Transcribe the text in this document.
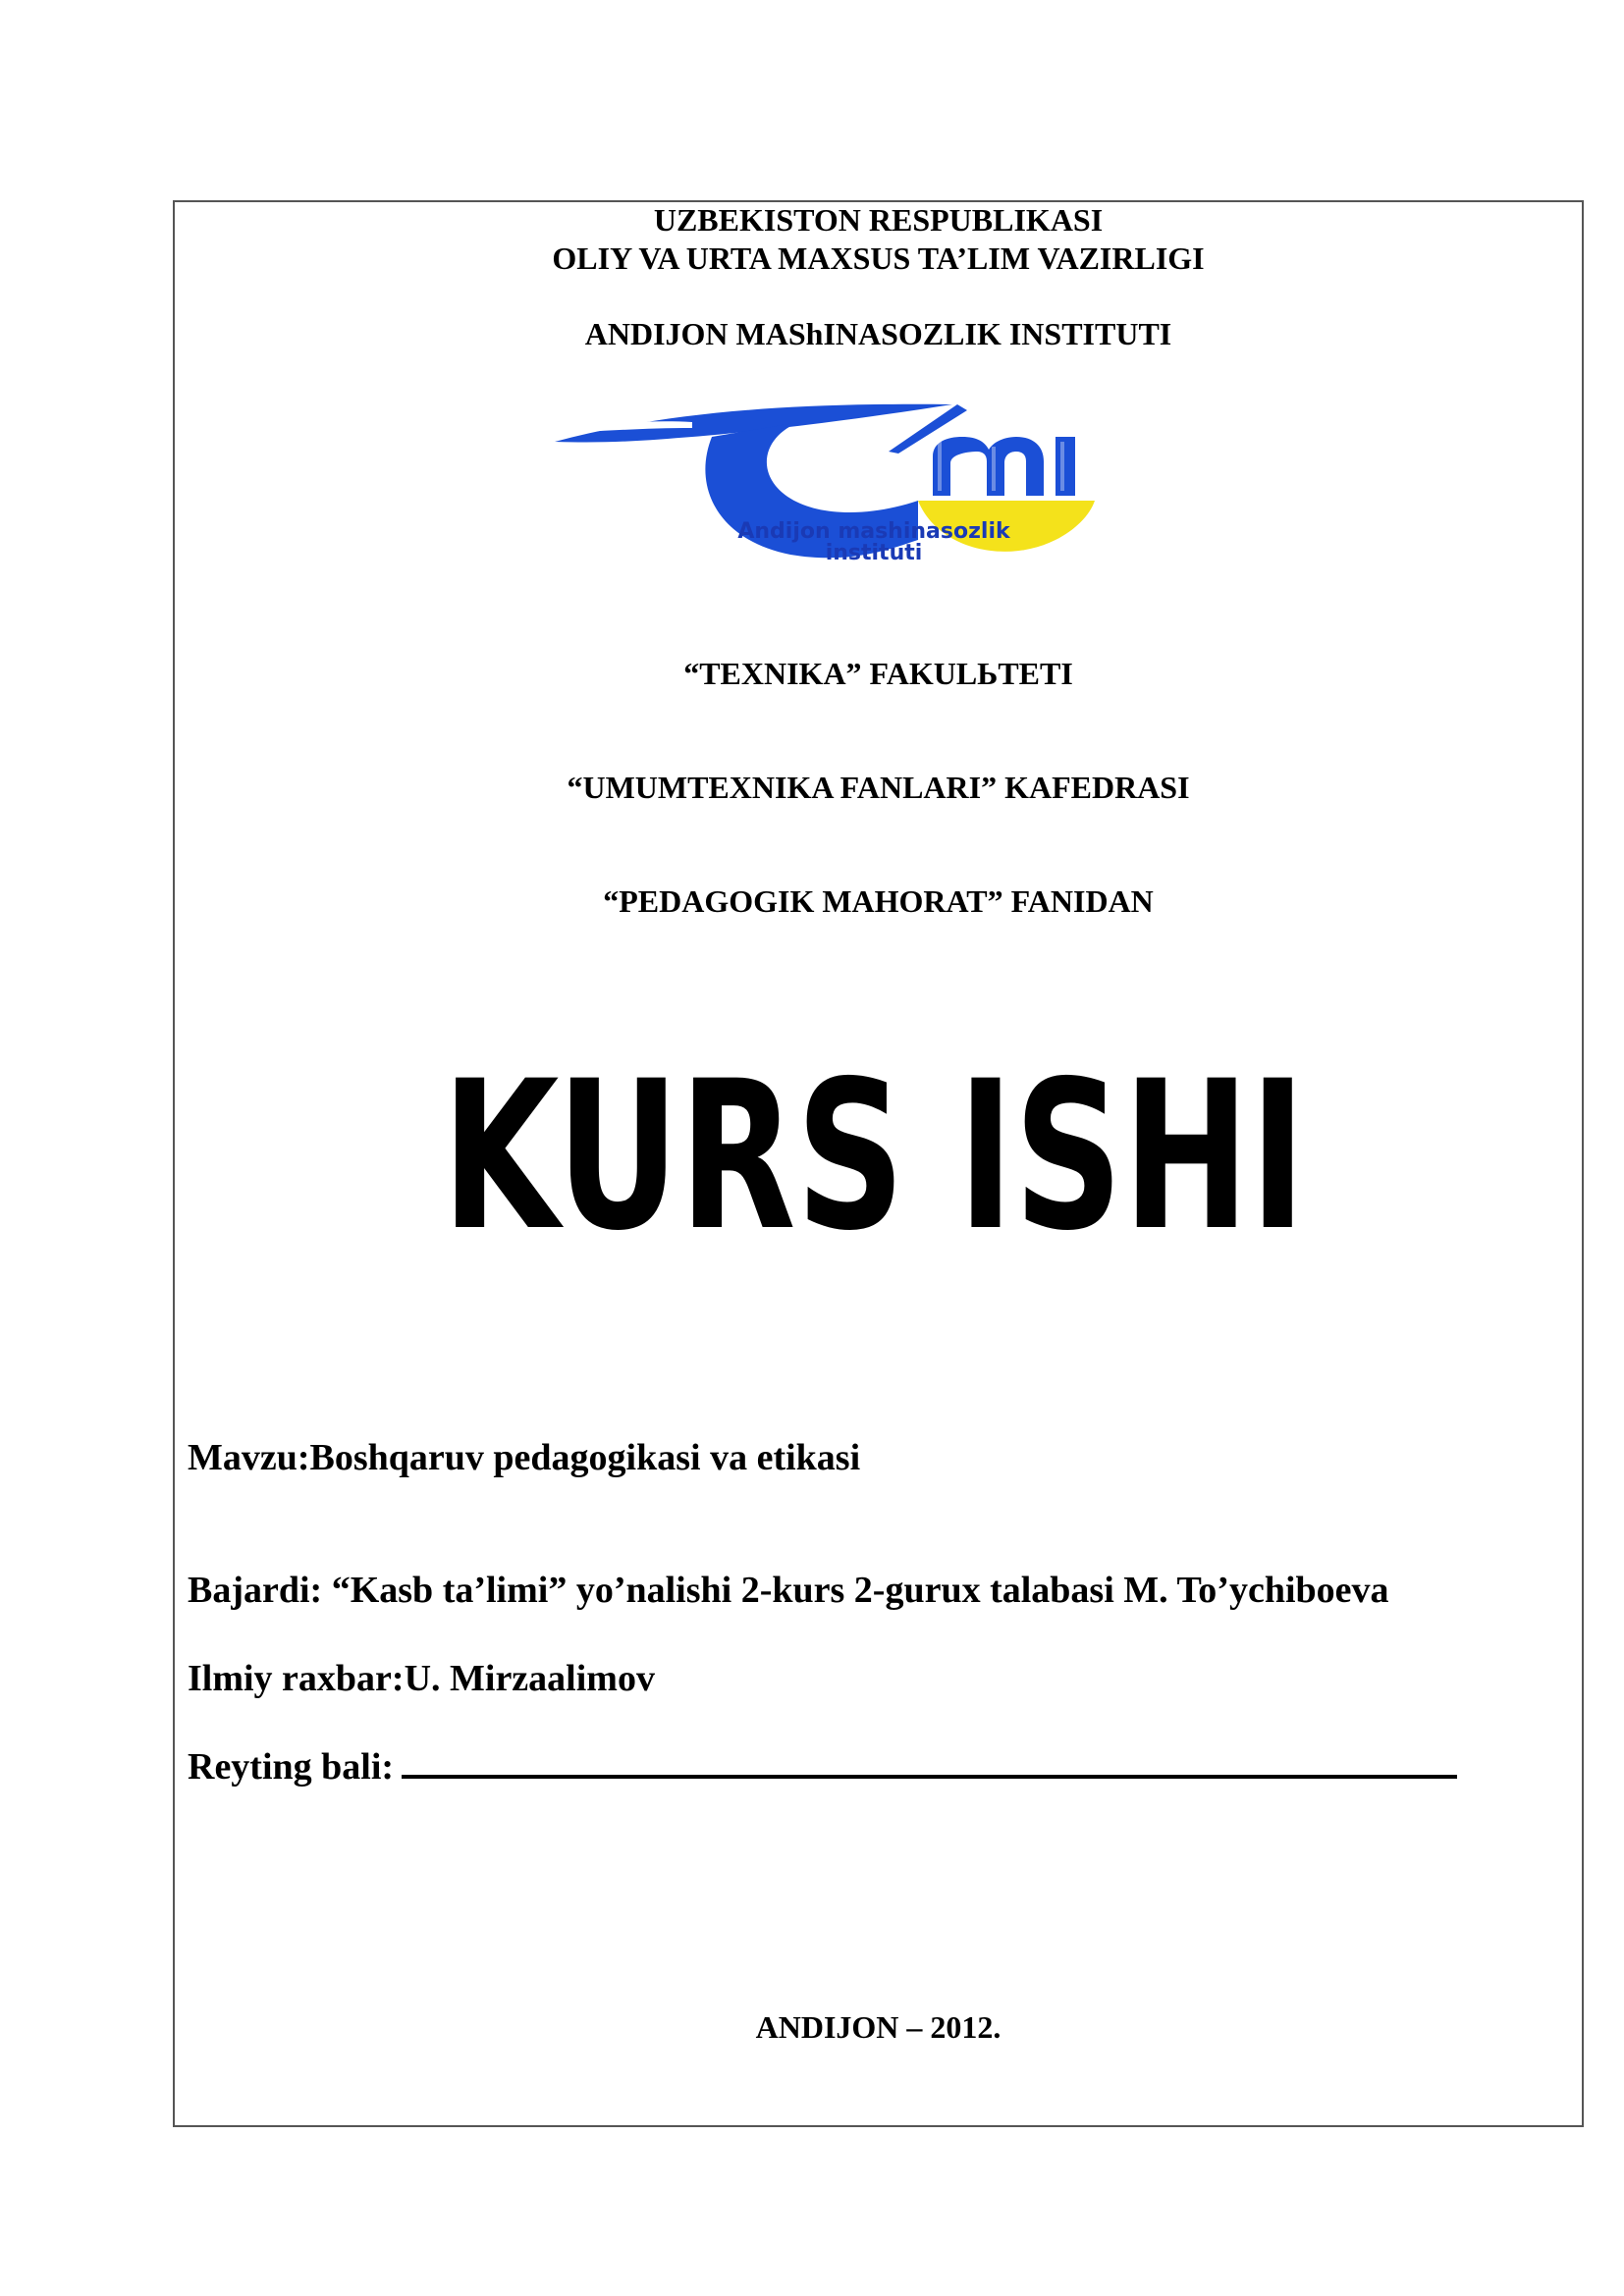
UZBEKISTON RESPUBLIKASI
OLIY VA URTA MAXSUS TA’LIM VAZIRLIGI
ANDIJON MAShINASOZLIK INSTITUTI
Andijon mashinasozlik
instituti
“TEXNIKA” FAKULЬTETI
“UMUMTEXNIKA FANLARI” KAFEDRASI
“PEDAGOGIK MAHORAT” FANIDAN
KURS ISHI
Mavzu:Boshqaruv pedagogikasi va etikasi
Bajardi: “Kasb ta’limi” yo’nalishi 2-kurs 2-gurux talabasi M. To’ychiboeva
Ilmiy raxbar:U. Mirzaalimov
Reyting bali:
ANDIJON – 2012.
